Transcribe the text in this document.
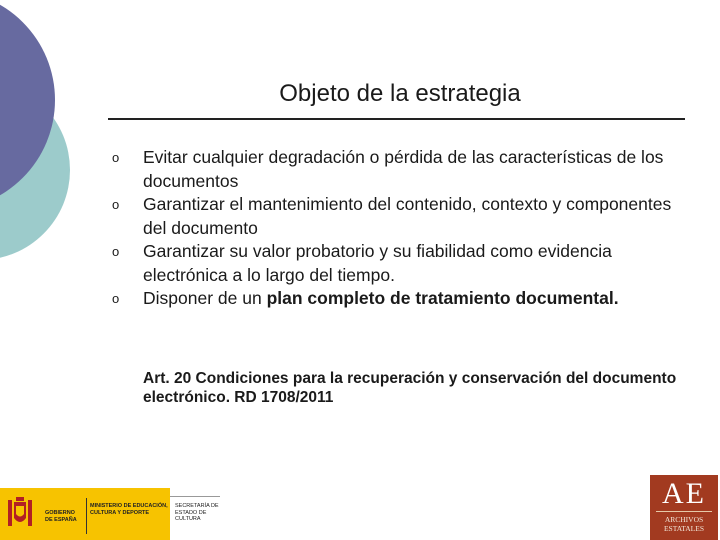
Objeto de la estrategia
o Evitar cualquier degradación o pérdida de las características de los documentos
o Garantizar el mantenimiento del contenido, contexto y componentes del documento
o Garantizar su valor probatorio y su fiabilidad como evidencia electrónica a lo largo del tiempo.
o Disponer de un plan completo de tratamiento documental.
Art. 20 Condiciones para la recuperación y conservación del documento electrónico. RD 1708/2011
GOBIERNO DE ESPAÑA
MINISTERIO DE EDUCACIÓN, CULTURA Y DEPORTE
SECRETARÍA DE ESTADO DE CULTURA
AE
ARCHIVOS
ESTATALES
